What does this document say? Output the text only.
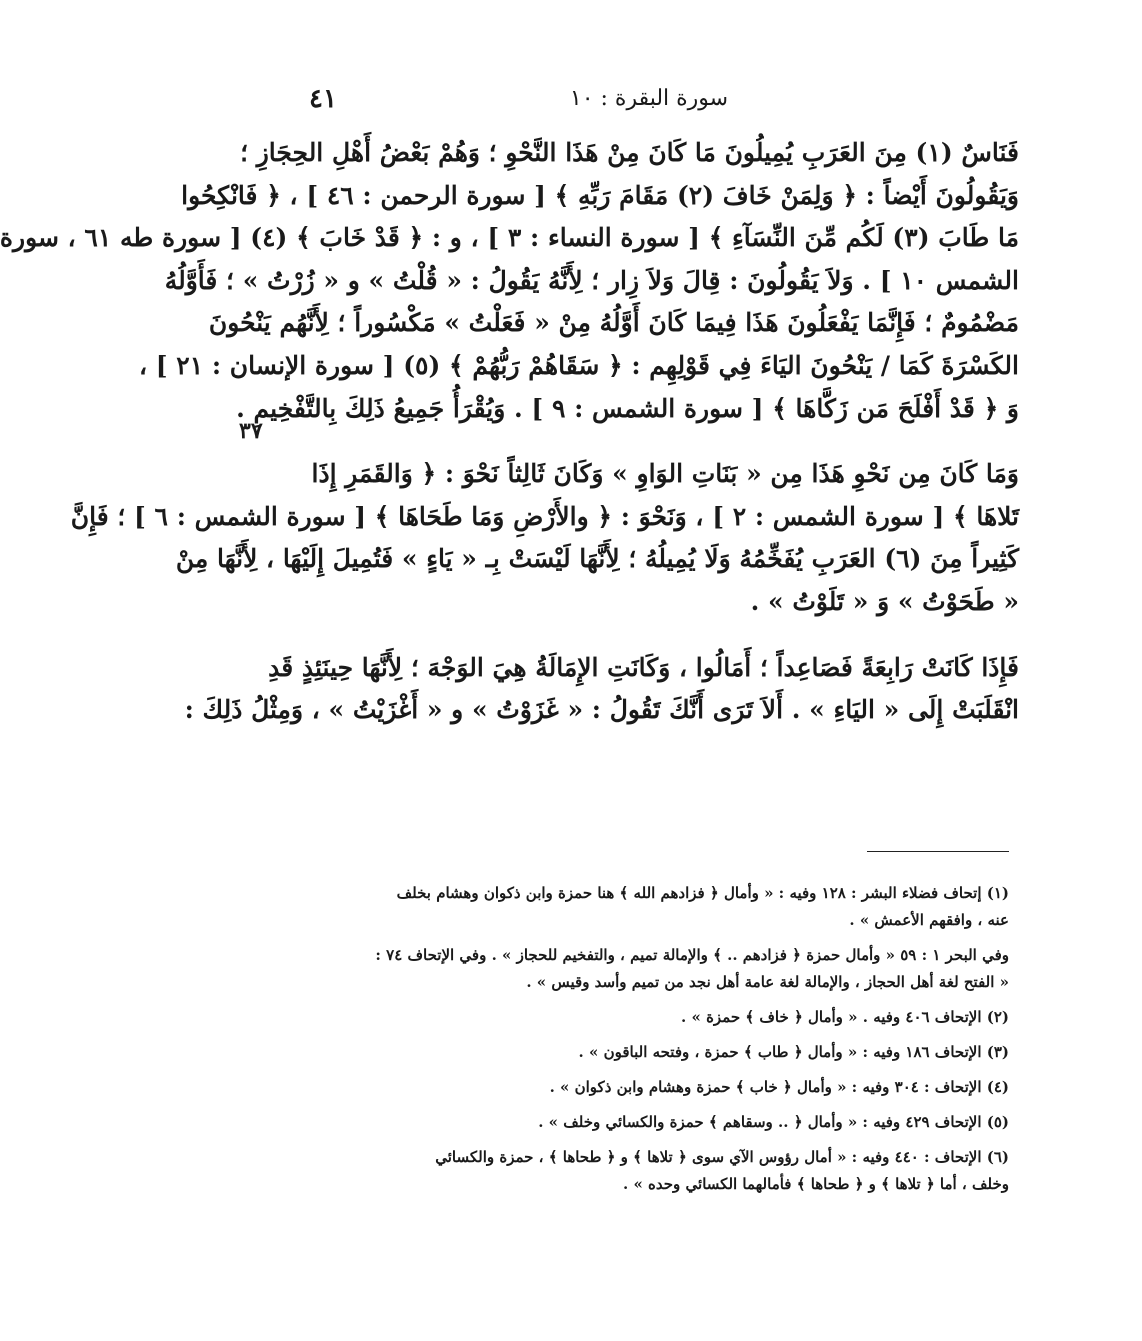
٤١	سورة البقرة : ١٠
٣٧

فَنَاسٌ (١) مِنَ العَرَبِ يُمِيلُونَ مَا كَانَ مِنْ هَذَا النَّحْوِ ؛ وَهُمْ بَعْضُ أَهْلِ الحِجَازِ ؛
وَيَقُولُونَ أَيْضاً : ﴿ وَلِمَنْ خَافَ (٢) مَقَامَ رَبِّهِ ﴾ [ سورة الرحمن : ٤٦ ] ، ﴿ فَانْكِحُوا
مَا طَابَ (٣) لَكُم مِّنَ النِّسَآءِ ﴾ [ سورة النساء : ٣ ] ، و : ﴿ قَدْ خَابَ ﴾ (٤) [ سورة طه ٦١ ، سورة
الشمس ١٠ ] . وَلاَ يَقُولُونَ : قِالَ وَلاَ زِار ؛ لِأَنَّهُ يَقُولُ : « قُلْتُ » و « زُرْتُ » ؛ فَأَوَّلُهُ
مَضْمُومٌ ؛ فَإِنَّمَا يَفْعَلُونَ هَذَا فِيمَا كَانَ أَوَّلُهُ مِنْ « فَعَلْتُ » مَكْسُوراً ؛ لِأَنَّهُم يَنْحُونَ
الكَسْرَةَ كَمَا / يَنْحُونَ اليَاءَ فِي قَوْلِهِم : ﴿ سَقَاهُمْ رَبُّهُمْ ﴾ (٥) [ سورة الإنسان : ٢١ ] ،
وَ ﴿ قَدْ أَفْلَحَ مَن زَكَّاهَا ﴾ [ سورة الشمس : ٩ ] . وَيُقْرَأُ جَمِيعُ ذَلِكَ بِالتَّفْخِيمِ .

وَمَا كَانَ مِن نَحْوِ هَذَا مِن « بَنَاتِ الوَاوِ » وَكَانَ ثَالِثاً نَحْوَ : ﴿ وَالقَمَرِ إِذَا
تَلاهَا ﴾ [ سورة الشمس : ٢ ] ، وَنَحْوَ : ﴿ والأَرْضِ وَمَا طَحَاهَا ﴾ [ سورة الشمس : ٦ ] ؛ فَإِنَّ
كَثِيراً مِنَ (٦) العَرَبِ يُفَخِّمُهُ وَلَا يُمِيلُهُ ؛ لِأَنَّهَا لَيْسَتْ بِـ « يَاءٍ » فَتُمِيلَ إِلَيْهَا ، لِأَنَّهَا مِنْ
« طَحَوْتُ » وَ « تَلَوْتُ » .

فَإِذَا كَانَتْ رَابِعَةً فَصَاعِداً ؛ أَمَالُوا ، وَكَانَتِ الإِمَالَةُ هِيَ الوَجْهَ ؛ لِأَنَّهَا حِينَئِذٍ قَدِ
انْقَلَبَتْ إِلَى « اليَاءِ » . أَلاَ تَرَى أَنَّكَ تَقُولُ : « غَزَوْتُ » و « أَغْزَيْتُ » ، وَمِثْلُ ذَلِكَ :

(١) إتحاف فضلاء البشر : ١٢٨ وفيه : « وأمال ﴿ فزادهم الله ﴾ هنا حمزة وابن ذكوان وهشام بخلف
عنه ، وافقهم الأعمش » .
وفي البحر ١ : ٥٩ « وأمال حمزة ﴿ فزادهم .. ﴾ والإمالة تميم ، والتفخيم للحجاز » . وفي الإتحاف ٧٤ :
« الفتح لغة أهل الحجاز ، والإمالة لغة عامة أهل نجد من تميم وأسد وقيس » .
(٢) الإتحاف ٤٠٦ وفيه . « وأمال ﴿ خاف ﴾ حمزة » .
(٣) الإتحاف ١٨٦ وفيه : « وأمال ﴿ طاب ﴾ حمزة ، وفتحه الباقون » .
(٤) الإتحاف : ٣٠٤ وفيه : « وأمال ﴿ خاب ﴾ حمزة وهشام وابن ذكوان » .
(٥) الإتحاف ٤٢٩ وفيه : « وأمال ﴿ .. وسقاهم ﴾ حمزة والكسائي وخلف » .
(٦) الإتحاف : ٤٤٠ وفيه : « أمال رؤوس الآي سوى ﴿ تلاها ﴾ و ﴿ طحاها ﴾ ، حمزة والكسائي
وخلف ، أما ﴿ تلاها ﴾ و ﴿ طحاها ﴾ فأمالهما الكسائي وحده » .
